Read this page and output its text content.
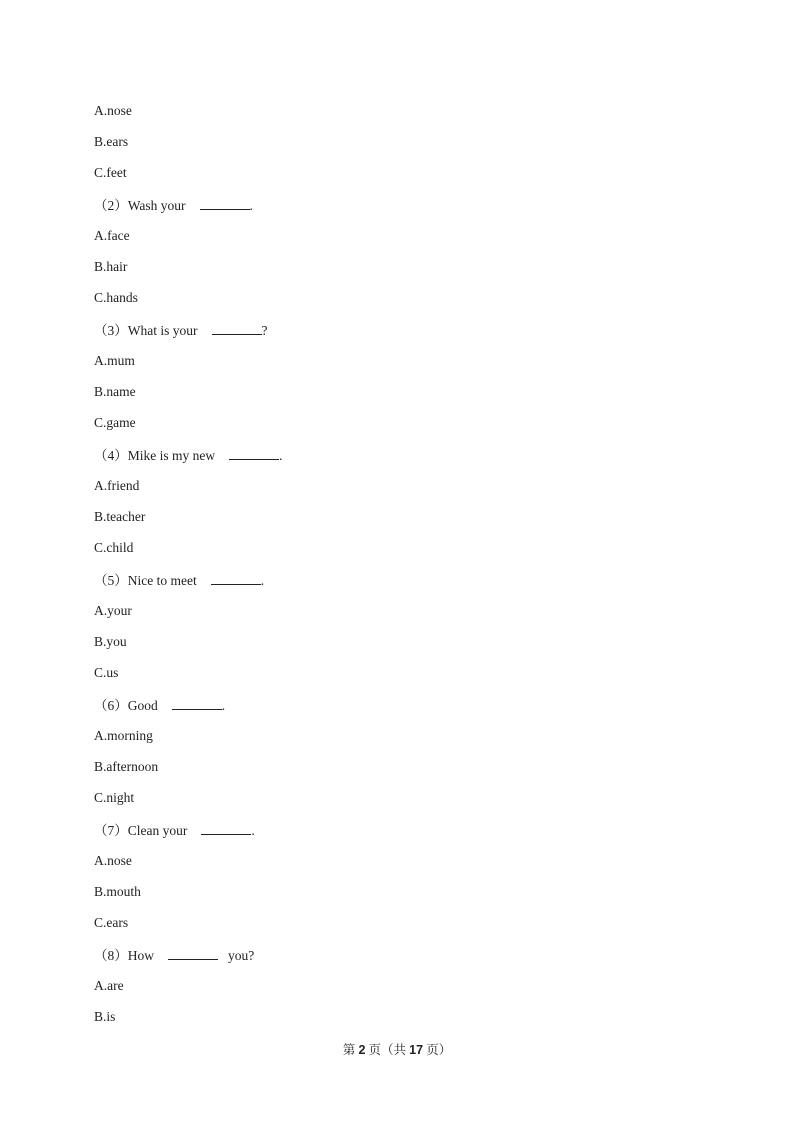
A.nose
B.ears
C.feet
（2）Wash your	.
A.face
B.hair
C.hands
（3）What is your	?
A.mum
B.name
C.game
（4）Mike is my new	.
A.friend
B.teacher
C.child
（5）Nice to meet	.
A.your
B.you
C.us
（6）Good	.
A.morning
B.afternoon
C.night
（7）Clean your	.
A.nose
B.mouth
C.ears
（8）How	you?
A.are
B.is
第 2 页（共 17 页）
